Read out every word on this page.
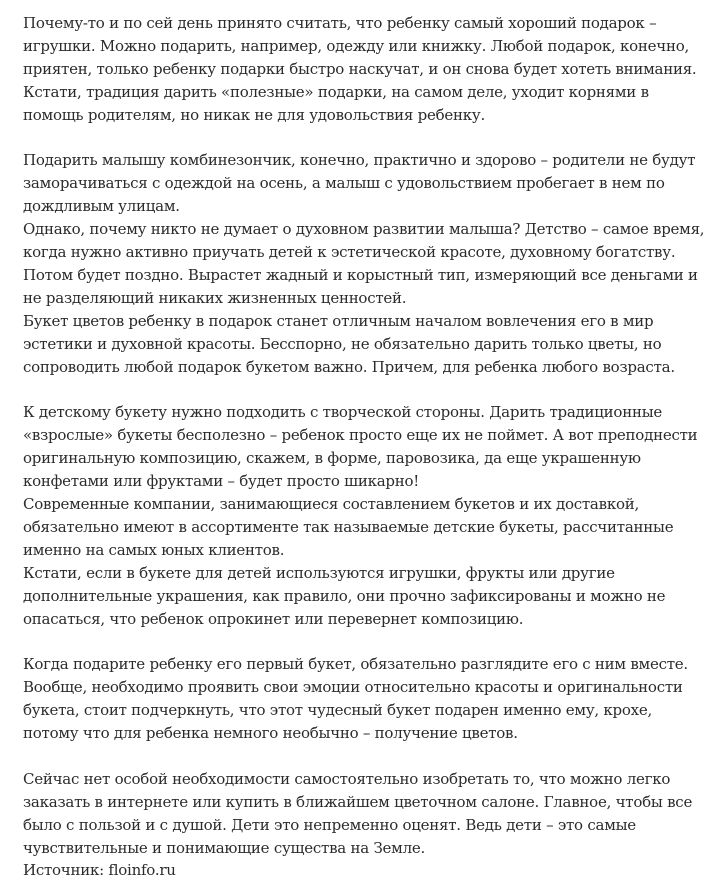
Почему-то и по сей день принято считать, что ребенку самый хороший подарок – игрушки. Можно подарить, например, одежду или книжку. Любой подарок, конечно, приятен, только ребенку подарки быстро наскучат, и он снова будет хотеть внимания. Кстати, традиция дарить «полезные» подарки, на самом деле, уходит корнями в помощь родителям, но никак не для удовольствия ребенку.

Подарить малышу комбинезончик, конечно, практично и здорово – родители не будут заморачиваться с одеждой на осень, а малыш с удовольствием пробегает в нем по дождливым улицам.

Однако, почему никто не думает о духовном развитии малыша? Детство – самое время, когда нужно активно приучать детей к эстетической красоте, духовному богатству. Потом будет поздно. Вырастет жадный и корыстный тип, измеряющий все деньгами и не разделяющий никаких жизненных ценностей.

Букет цветов ребенку в подарок станет отличным началом вовлечения его в мир эстетики и духовной красоты. Бесспорно, не обязательно дарить только цветы, но сопроводить любой подарок букетом важно. Причем, для ребенка любого возраста.

К детскому букету нужно подходить с творческой стороны. Дарить традиционные «взрослые» букеты бесполезно – ребенок просто еще их не поймет. А вот преподнести оригинальную композицию, скажем, в форме, паровозика, да еще украшенную конфетами или фруктами – будет просто шикарно!

Современные компании, занимающиеся составлением букетов и их доставкой, обязательно имеют в ассортименте так называемые детские букеты, рассчитанные именно на самых юных клиентов.

Кстати, если в букете для детей используются игрушки, фрукты или другие дополнительные украшения, как правило, они прочно зафиксированы и можно не опасаться, что ребенок опрокинет или перевернет композицию.

Когда подарите ребенку его первый букет, обязательно разглядите его с ним вместе. Вообще, необходимо проявить свои эмоции относительно красоты и оригинальности букета, стоит подчеркнуть, что этот чудесный букет подарен именно ему, крохе, потому что для ребенка немного необычно – получение цветов.

Сейчас нет особой необходимости самостоятельно изобретать то, что можно легко заказать в интернете или купить в ближайшем цветочном салоне. Главное, чтобы все было с пользой и с душой. Дети это непременно оценят. Ведь дети – это самые чувствительные и понимающие существа на Земле.

Источник: floinfo.ru
